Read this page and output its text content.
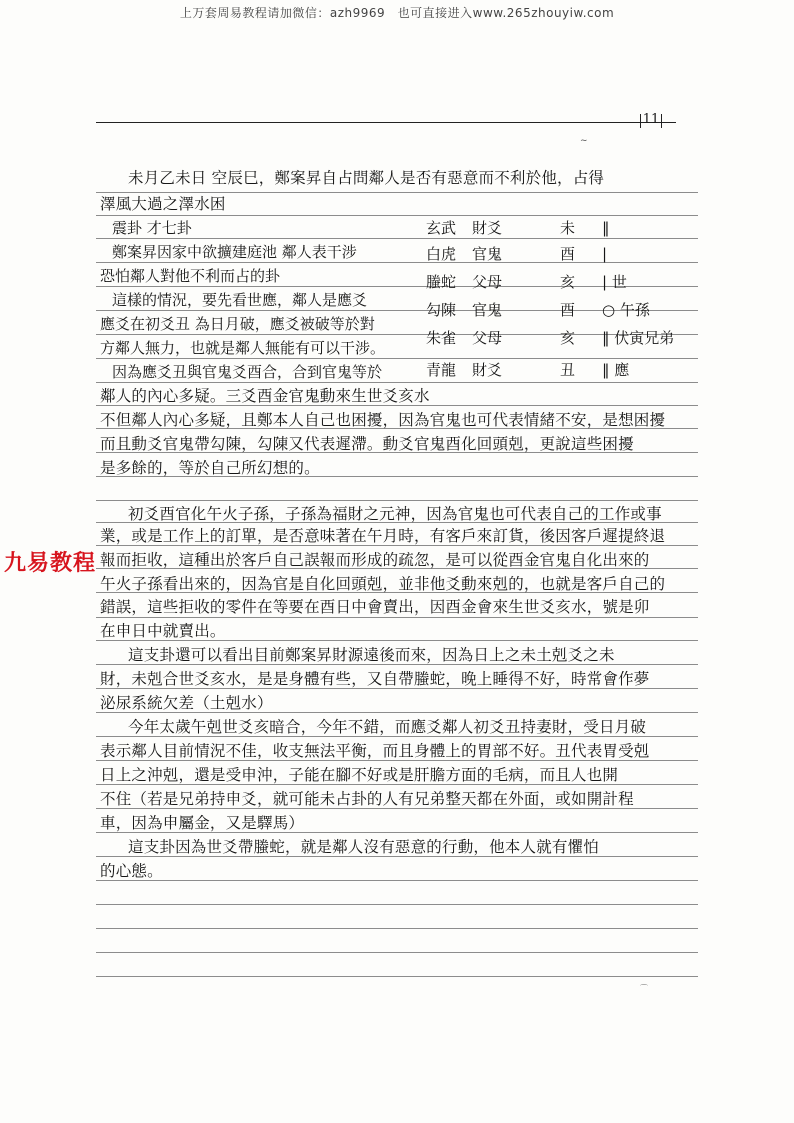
上万套周易教程请加微信：azh9969　也可直接进入www.265zhouyiw.com
11
~
未月乙未日 空辰巳，鄭案昇自占問鄰人是否有惡意而不利於他，占得
澤風大過之澤水困
震卦 才七卦
鄭案昇因家中欲擴建庭池 鄰人表干涉
恐怕鄰人對他不利而占的卦
這樣的情況，要先看世應，鄰人是應爻
應爻在初爻丑 為日月破，應爻被破等於對
方鄰人無力，也就是鄰人無能有可以干涉。
因為應爻丑與官鬼爻酉合，合到官鬼等於
玄武 財爻	未 ‖
白虎 官鬼	酉 |
螣蛇 父母	亥 | 世
勾陳 官鬼	酉 ○ 午孫
朱雀 父母	亥 ‖ 伏寅兄弟
青龍 財爻	丑 ‖ 應
鄰人的內心多疑。三爻酉金官鬼動來生世爻亥水
不但鄰人內心多疑，且鄭本人自己也困擾，因為官鬼也可代表情緒不安，是想困擾
而且動爻官鬼帶勾陳，勾陳又代表遲滯。動爻官鬼酉化回頭剋，更說這些困擾
是多餘的，等於自己所幻想的。
初爻酉官化午火子孫，子孫為福財之元神，因為官鬼也可代表自己的工作或事
業，或是工作上的訂單，是否意味著在午月時，有客戶來訂貨，後因客戶遲提終退
報而拒收，這種出於客戶自己誤報而形成的疏忽，是可以從酉金官鬼自化出來的
午火子孫看出來的，因為官是自化回頭剋，並非他爻動來剋的，也就是客戶自己的
錯誤，這些拒收的零件在等要在酉日中會賣出，因酉金會來生世爻亥水，號是卯
在申日中就賣出。
這支卦還可以看出目前鄭案昇財源遠後而來，因為日上之未土剋爻之未
財，未剋合世爻亥水，是是身體有些，又自帶螣蛇，晚上睡得不好，時常會作夢
泌尿系統欠差（土剋水）
今年太歲午剋世爻亥暗合，今年不錯，而應爻鄰人初爻丑持妻財，受日月破
表示鄰人目前情況不佳，收支無法平衡，而且身體上的胃部不好。丑代表胃受剋
日上之沖剋，還是受申沖，子能在腳不好或是肝膽方面的毛病，而且人也開
不住（若是兄弟持申爻，就可能未占卦的人有兄弟整天都在外面，或如開計程
車，因為申屬金，又是驛馬）
這支卦因為世爻帶螣蛇，就是鄰人沒有惡意的行動，他本人就有懼怕
的心態。
九易教程
⌒
